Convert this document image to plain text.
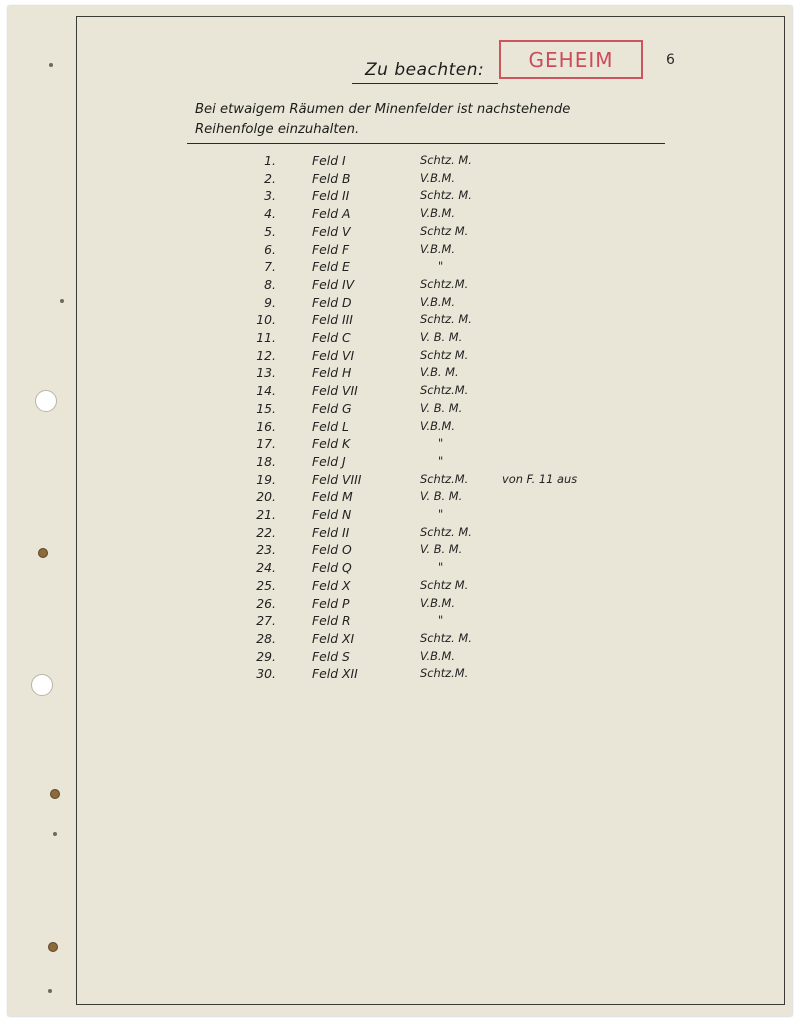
Zu beachten:	GEHEIM	6
Bei etwaigem Räumen der Minenfelder ist nachstehende
Reihenfolge einzuhalten.
1.	Feld I	Schtz. M.
2.	Feld B	V.B.M.
3.	Feld II	Schtz. M.
4.	Feld A	V.B.M.
5.	Feld V	Schtz M.
6.	Feld F	V.B.M.
7.	Feld E	"
8.	Feld IV	Schtz.M.
9.	Feld D	V.B.M.
10.	Feld III	Schtz. M.
11.	Feld C	V. B. M.
12.	Feld VI	Schtz M.
13.	Feld H	V.B. M.
14.	Feld VII	Schtz.M.
15.	Feld G	V. B. M.
16.	Feld L	V.B.M.
17.	Feld K	"
18.	Feld J	"
19.	Feld VIII	Schtz.M.	von F. 11 aus
20.	Feld M	V. B. M.
21.	Feld N	"
22.	Feld II	Schtz. M.
23.	Feld O	V. B. M.
24.	Feld Q	"
25.	Feld X	Schtz M.
26.	Feld P	V.B.M.
27.	Feld R	"
28.	Feld XI	Schtz. M.
29.	Feld S	V.B.M.
30.	Feld XII	Schtz.M.
